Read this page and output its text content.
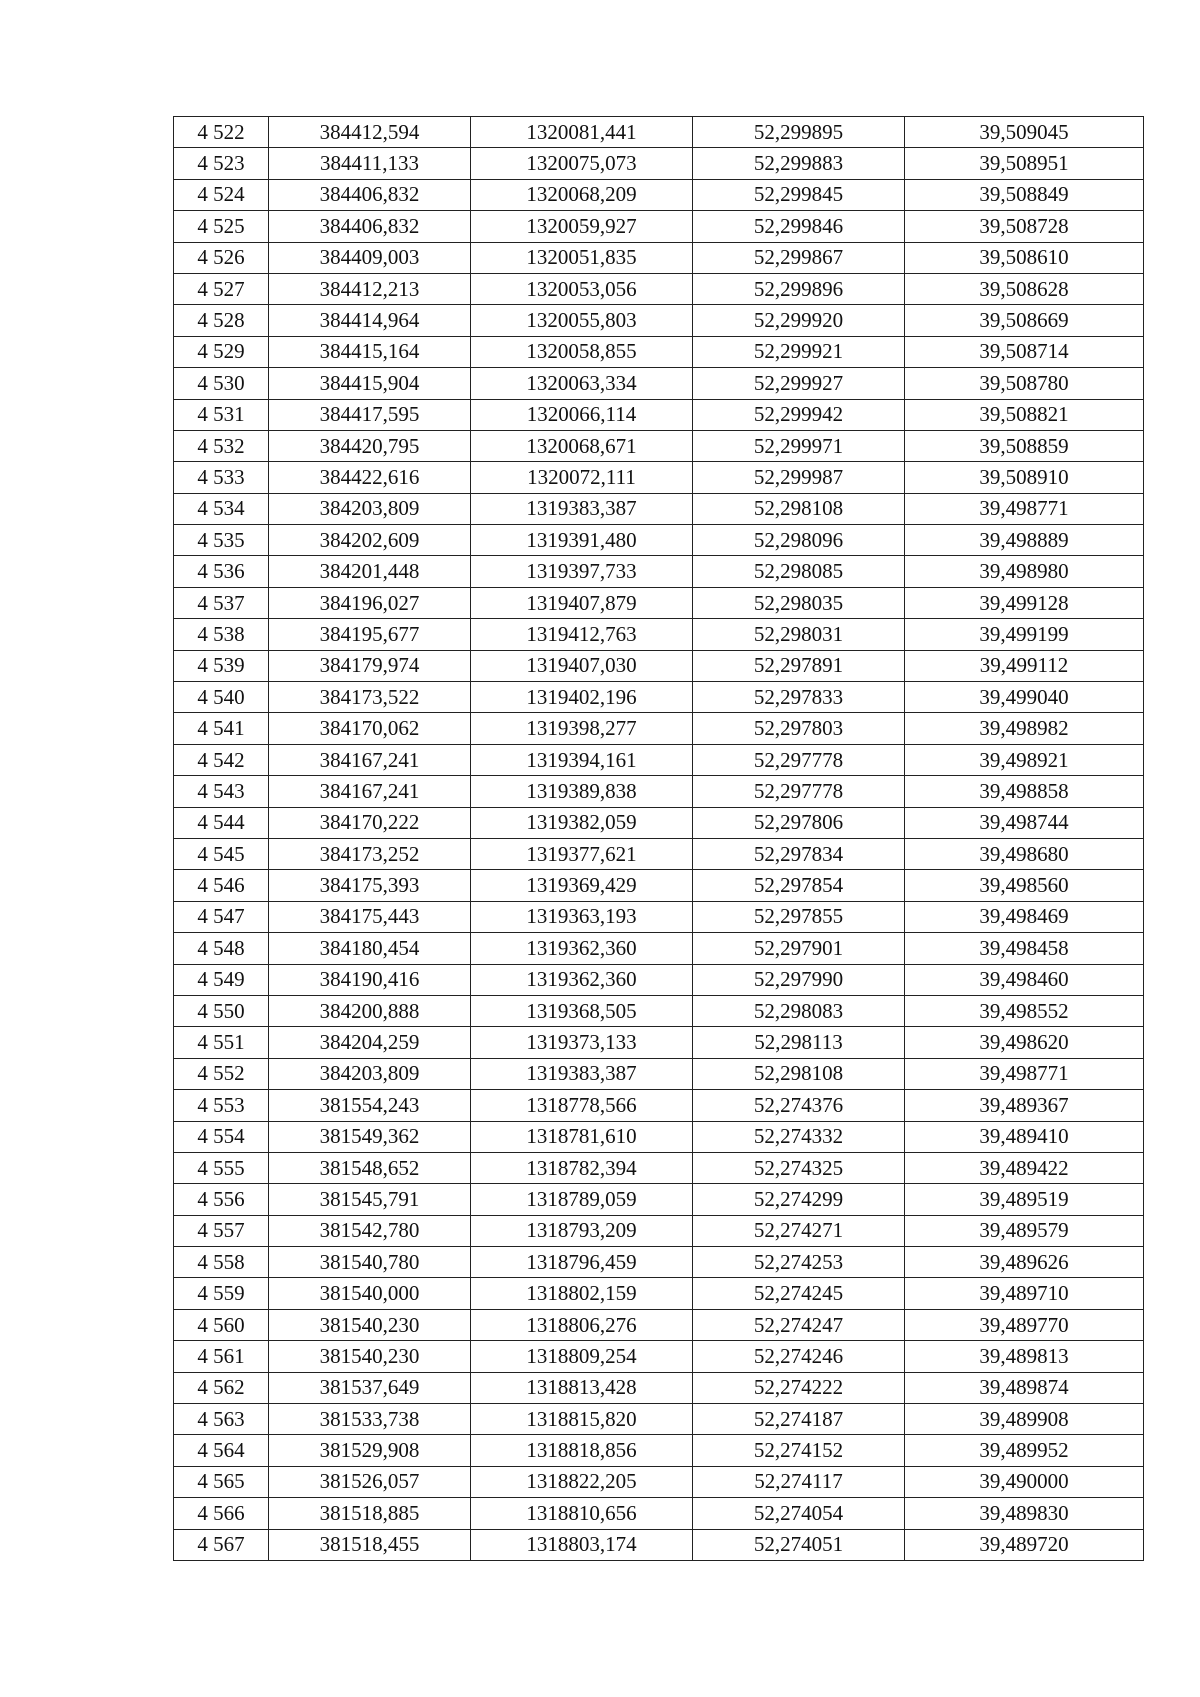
4 522	384412,594	1320081,441	52,299895	39,509045
4 523	384411,133	1320075,073	52,299883	39,508951
4 524	384406,832	1320068,209	52,299845	39,508849
4 525	384406,832	1320059,927	52,299846	39,508728
4 526	384409,003	1320051,835	52,299867	39,508610
4 527	384412,213	1320053,056	52,299896	39,508628
4 528	384414,964	1320055,803	52,299920	39,508669
4 529	384415,164	1320058,855	52,299921	39,508714
4 530	384415,904	1320063,334	52,299927	39,508780
4 531	384417,595	1320066,114	52,299942	39,508821
4 532	384420,795	1320068,671	52,299971	39,508859
4 533	384422,616	1320072,111	52,299987	39,508910
4 534	384203,809	1319383,387	52,298108	39,498771
4 535	384202,609	1319391,480	52,298096	39,498889
4 536	384201,448	1319397,733	52,298085	39,498980
4 537	384196,027	1319407,879	52,298035	39,499128
4 538	384195,677	1319412,763	52,298031	39,499199
4 539	384179,974	1319407,030	52,297891	39,499112
4 540	384173,522	1319402,196	52,297833	39,499040
4 541	384170,062	1319398,277	52,297803	39,498982
4 542	384167,241	1319394,161	52,297778	39,498921
4 543	384167,241	1319389,838	52,297778	39,498858
4 544	384170,222	1319382,059	52,297806	39,498744
4 545	384173,252	1319377,621	52,297834	39,498680
4 546	384175,393	1319369,429	52,297854	39,498560
4 547	384175,443	1319363,193	52,297855	39,498469
4 548	384180,454	1319362,360	52,297901	39,498458
4 549	384190,416	1319362,360	52,297990	39,498460
4 550	384200,888	1319368,505	52,298083	39,498552
4 551	384204,259	1319373,133	52,298113	39,498620
4 552	384203,809	1319383,387	52,298108	39,498771
4 553	381554,243	1318778,566	52,274376	39,489367
4 554	381549,362	1318781,610	52,274332	39,489410
4 555	381548,652	1318782,394	52,274325	39,489422
4 556	381545,791	1318789,059	52,274299	39,489519
4 557	381542,780	1318793,209	52,274271	39,489579
4 558	381540,780	1318796,459	52,274253	39,489626
4 559	381540,000	1318802,159	52,274245	39,489710
4 560	381540,230	1318806,276	52,274247	39,489770
4 561	381540,230	1318809,254	52,274246	39,489813
4 562	381537,649	1318813,428	52,274222	39,489874
4 563	381533,738	1318815,820	52,274187	39,489908
4 564	381529,908	1318818,856	52,274152	39,489952
4 565	381526,057	1318822,205	52,274117	39,490000
4 566	381518,885	1318810,656	52,274054	39,489830
4 567	381518,455	1318803,174	52,274051	39,489720
